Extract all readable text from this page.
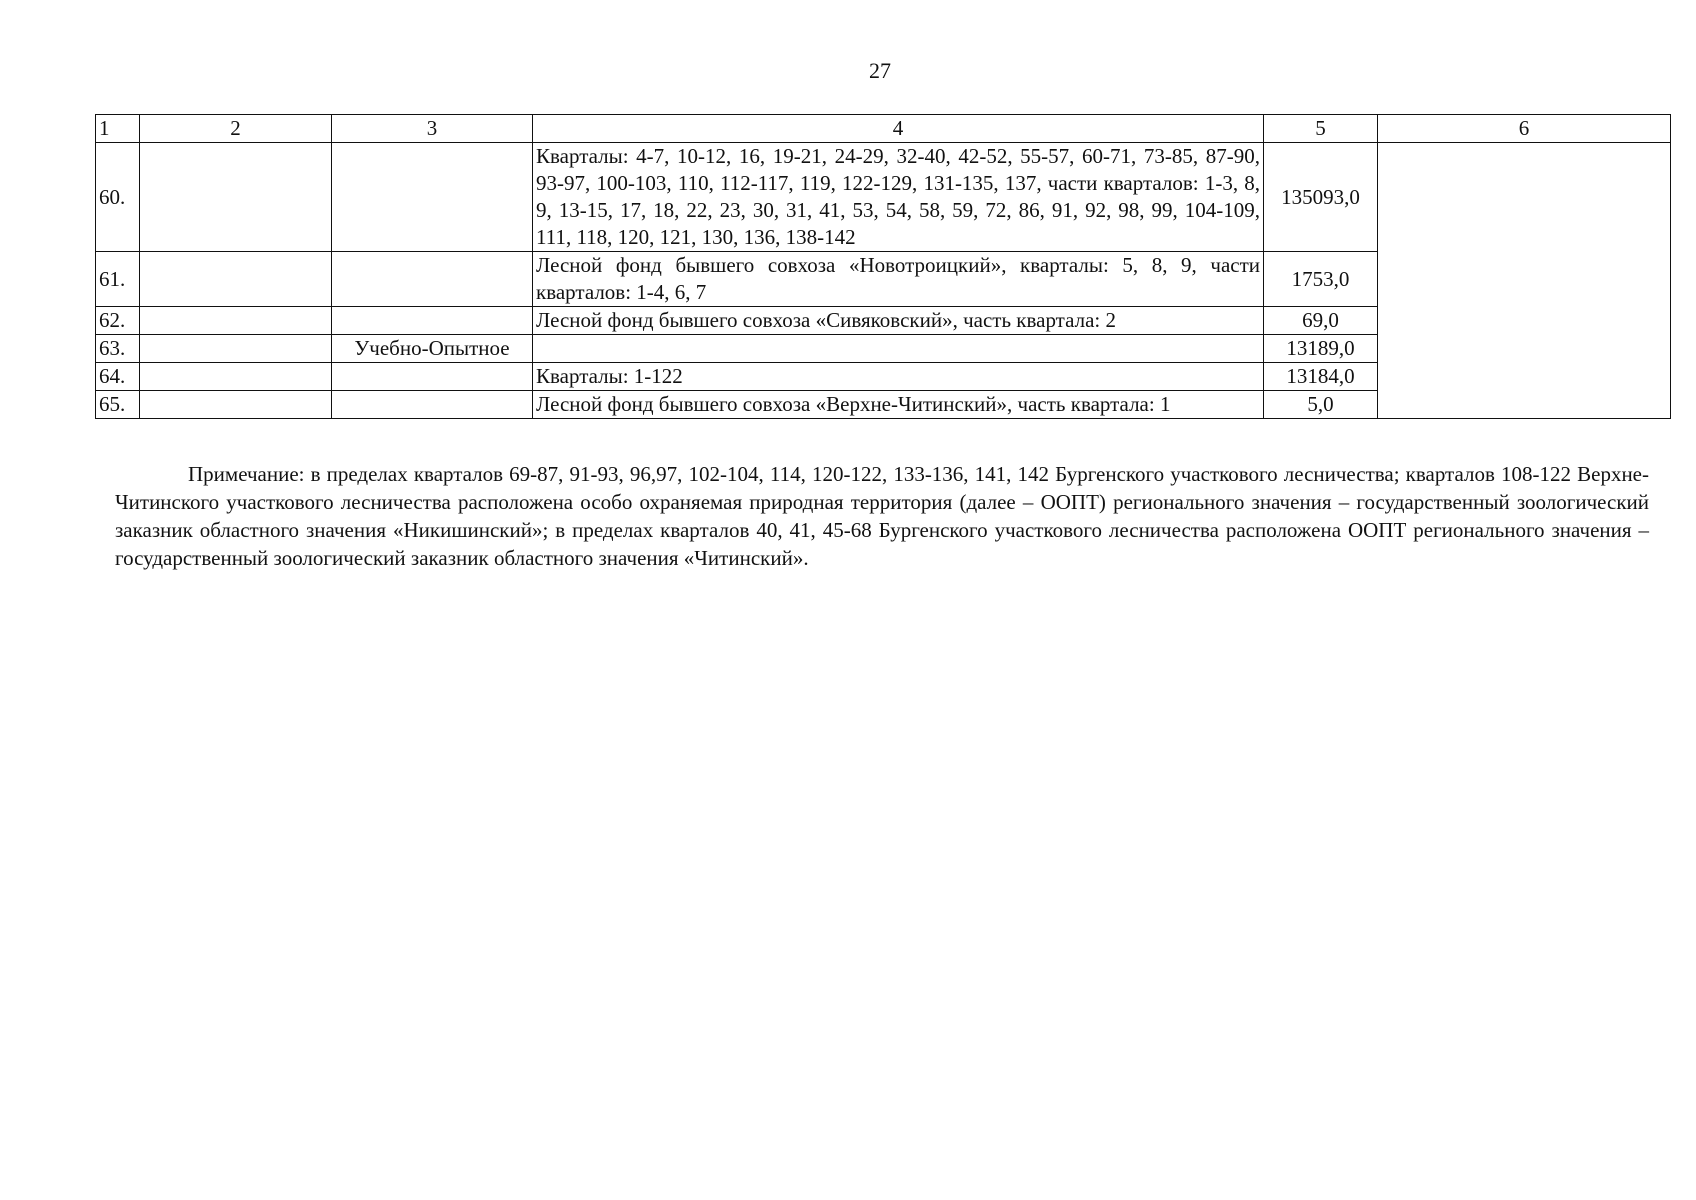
27
1	2	3	4	5	6
60.			Кварталы: 4-7, 10-12, 16, 19-21, 24-29, 32-40, 42-52, 55-57, 60-71, 73-85, 87-90, 93-97, 100-103, 110, 112-117, 119, 122-129, 131-135, 137, части кварталов: 1-3, 8, 9, 13-15, 17, 18, 22, 23, 30, 31, 41, 53, 54, 58, 59, 72, 86, 91, 92, 98, 99, 104-109, 111, 118, 120, 121, 130, 136, 138-142	135093,0	
61.			Лесной фонд бывшего совхоза «Новотроицкий», кварталы: 5, 8, 9, части кварталов: 1-4, 6, 7	1753,0	
62.			Лесной фонд бывшего совхоза «Сивяковский», часть квартала: 2	69,0	
63.		Учебно-Опытное		13189,0	
64.			Кварталы: 1-122	13184,0	
65.			Лесной фонд бывшего совхоза «Верхне-Читинский», часть квартала: 1	5,0	
Примечание: в пределах кварталов 69-87, 91-93, 96,97, 102-104, 114, 120-122, 133-136, 141, 142 Бургенского участкового лесничества; кварталов 108-122 Верхне-Читинского участкового лесничества расположена особо охраняемая природная территория (далее – ООПТ) регионального значения – государственный зоологический заказник областного значения «Никишинский»; в пределах кварталов 40, 41, 45-68 Бургенского участкового лесничества расположена ООПТ регионального значения – государственный зоологический заказник областного значения «Читинский».
